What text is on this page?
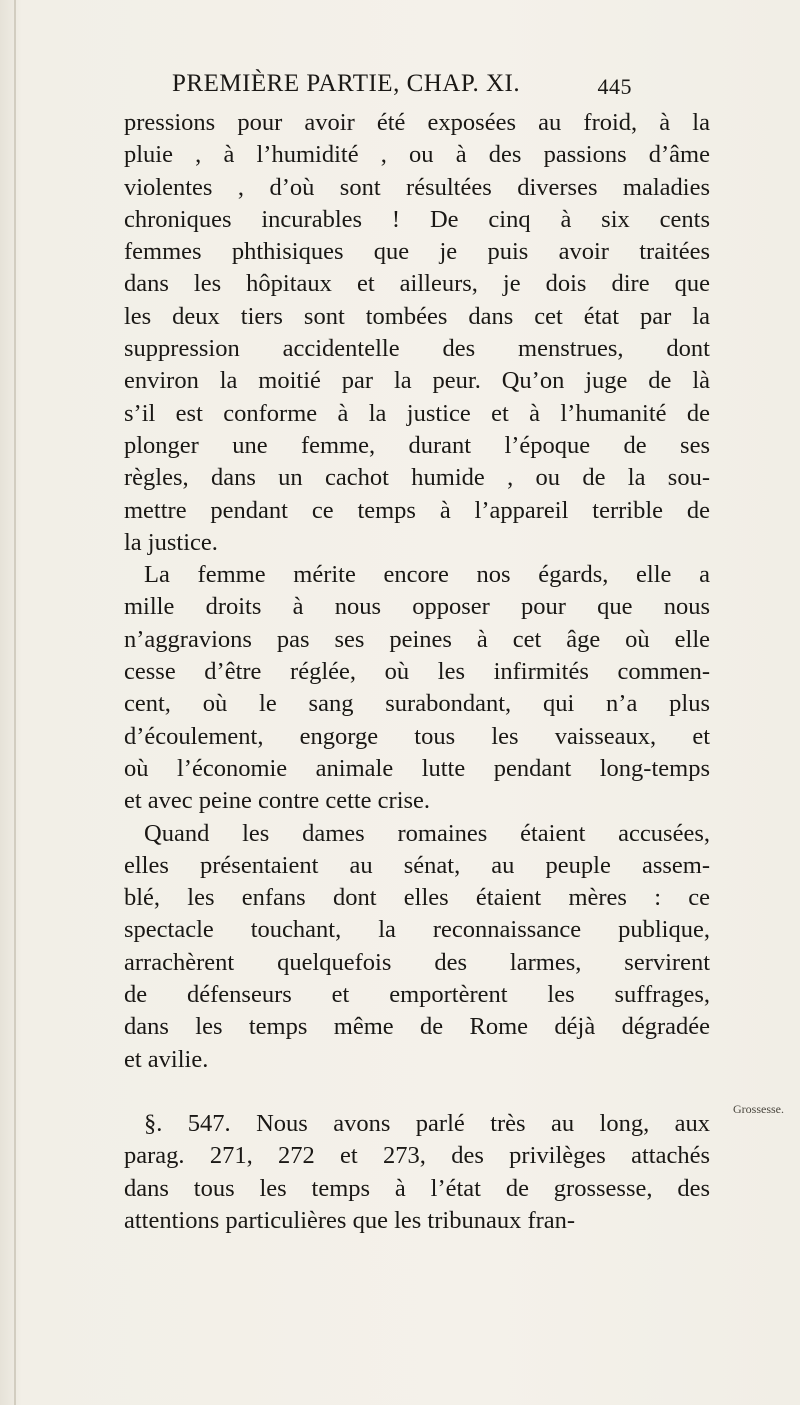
PREMIÈRE PARTIE, CHAP. XI.	445
pressions pour avoir été exposées au froid, à la
pluie , à l’humidité , ou à des passions d’âme
violentes , d’où sont résultées diverses maladies
chroniques incurables ! De cinq à six cents
femmes phthisiques que je puis avoir traitées
dans les hôpitaux et ailleurs, je dois dire que
les deux tiers sont tombées dans cet état par la
suppression accidentelle des menstrues, dont
environ la moitié par la peur. Qu’on juge de là
s’il est conforme à la justice et à l’humanité de
plonger une femme, durant l’époque de ses
règles, dans un cachot humide , ou de la sou-
mettre pendant ce temps à l’appareil terrible de
la justice.
La femme mérite encore nos égards, elle a
mille droits à nous opposer pour que nous
n’aggravions pas ses peines à cet âge où elle
cesse d’être réglée, où les infirmités commen-
cent, où le sang surabondant, qui n’a plus
d’écoulement, engorge tous les vaisseaux, et
où l’économie animale lutte pendant long-temps
et avec peine contre cette crise.
Quand les dames romaines étaient accusées,
elles présentaient au sénat, au peuple assem-
blé, les enfans dont elles étaient mères : ce
spectacle touchant, la reconnaissance publique,
arrachèrent quelquefois des larmes, servirent
de défenseurs et emportèrent les suffrages,
dans les temps même de Rome déjà dégradée
et avilie.
§. 547. Nous avons parlé très au long, aux
parag. 271, 272 et 273, des privilèges attachés
dans tous les temps à l’état de grossesse, des
attentions particulières que les tribunaux fran-
Grossesse.
